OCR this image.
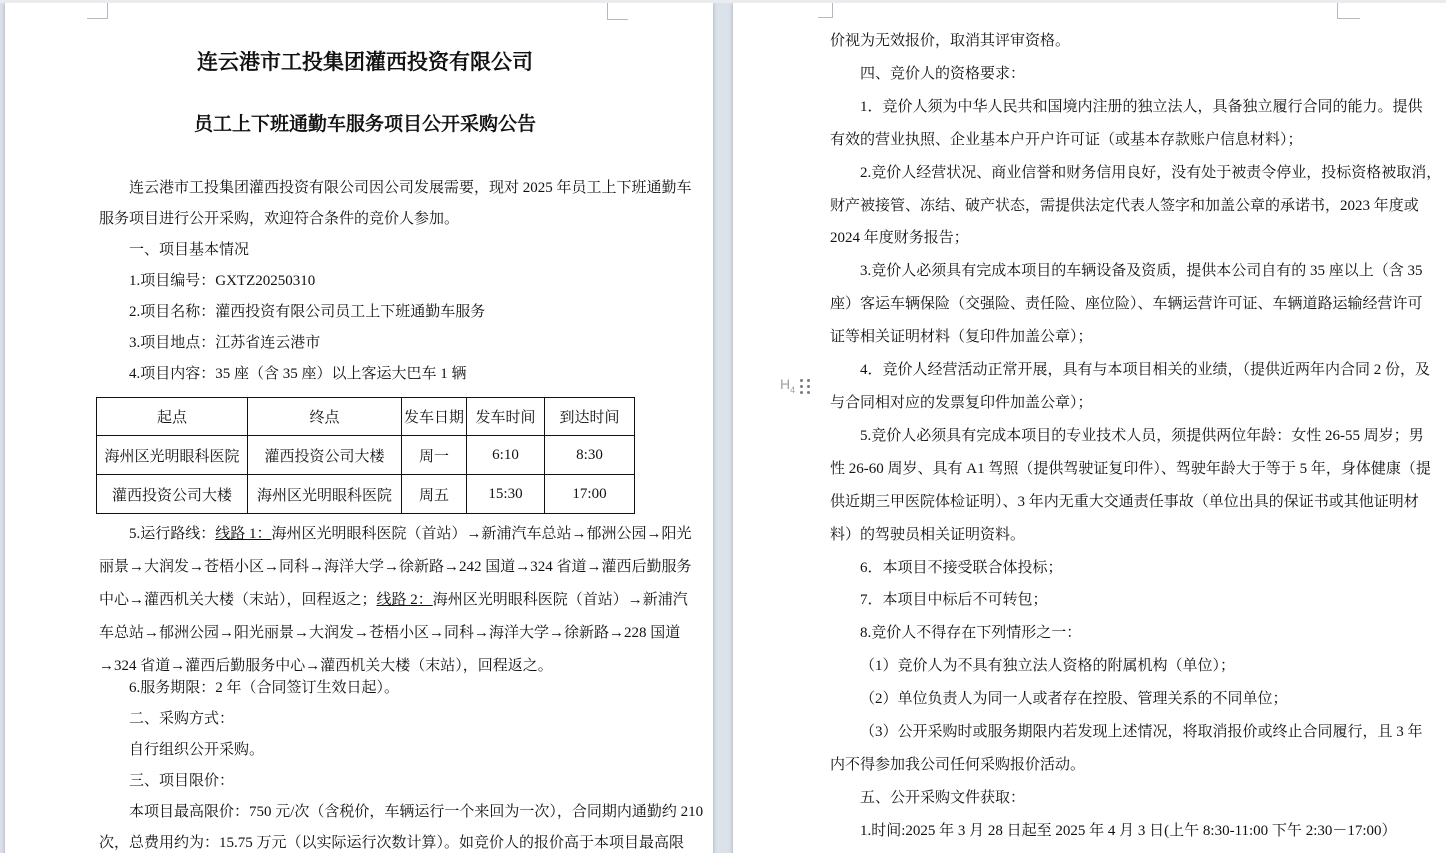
连云港市工投集团灌西投资有限公司
员工上下班通勤车服务项目公开采购公告
连云港市工投集团灌西投资有限公司因公司发展需要，现对 2025 年员工上下班通勤车
服务项目进行公开采购，欢迎符合条件的竞价人参加。
一、项目基本情况
1.项目编号：GXTZ20250310
2.项目名称：灌西投资有限公司员工上下班通勤车服务
3.项目地点：江苏省连云港市
4.项目内容：35 座（含 35 座）以上客运大巴车 1 辆
起点	终点	发车日期	发车时间	到达时间
海州区光明眼科医院	灌西投资公司大楼	周一	6:10	8:30
灌西投资公司大楼	海州区光明眼科医院	周五	15:30	17:00
5.运行路线：线路 1：海州区光明眼科医院（首站）→新浦汽车总站→郁洲公园→阳光
丽景→大润发→苍梧小区→同科→海洋大学→徐新路→242 国道→324 省道→灌西后勤服务
中心→灌西机关大楼（末站），回程返之；线路 2：海州区光明眼科医院（首站）→新浦汽
车总站→郁洲公园→阳光丽景→大润发→苍梧小区→同科→海洋大学→徐新路→228 国道
→324 省道→灌西后勤服务中心→灌西机关大楼（末站），回程返之。
6.服务期限：2 年（合同签订生效日起）。
二、采购方式：
自行组织公开采购。
三、项目限价：
本项目最高限价：750 元/次（含税价，车辆运行一个来回为一次），合同期内通勤约 210
次，总费用约为：15.75 万元（以实际运行次数计算）。如竞价人的报价高于本项目最高限
价视为无效报价，取消其评审资格。
四、竞价人的资格要求：
1．竞价人须为中华人民共和国境内注册的独立法人，具备独立履行合同的能力。提供
有效的营业执照、企业基本户开户许可证（或基本存款账户信息材料）；
2.竞价人经营状况、商业信誉和财务信用良好，没有处于被责令停业，投标资格被取消，
财产被接管、冻结、破产状态，需提供法定代表人签字和加盖公章的承诺书，2023 年度或
2024 年度财务报告；
3.竞价人必须具有完成本项目的车辆设备及资质，提供本公司自有的 35 座以上（含 35
座）客运车辆保险（交强险、责任险、座位险）、车辆运营许可证、车辆道路运输经营许可
证等相关证明材料（复印件加盖公章）；
4．竞价人经营活动正常开展，具有与本项目相关的业绩，（提供近两年内合同 2 份，及
与合同相对应的发票复印件加盖公章）；
5.竞价人必须具有完成本项目的专业技术人员，须提供两位年龄：女性 26-55 周岁；男
性 26-60 周岁、具有 A1 驾照（提供驾驶证复印件）、驾驶年龄大于等于 5 年，身体健康（提
供近期三甲医院体检证明）、3 年内无重大交通责任事故（单位出具的保证书或其他证明材
料）的驾驶员相关证明资料。
6．本项目不接受联合体投标；
7．本项目中标后不可转包；
8.竞价人不得存在下列情形之一：
（1）竞价人为不具有独立法人资格的附属机构（单位）；
（2）单位负责人为同一人或者存在控股、管理关系的不同单位；
（3）公开采购时或服务期限内若发现上述情况，将取消报价或终止合同履行，且 3 年
内不得参加我公司任何采购报价活动。
五、公开采购文件获取：
1.时间:2025 年 3 月 28 日起至 2025 年 4 月 3 日(上午 8:30-11:00 下午 2:30－17:00）
$H_4$
